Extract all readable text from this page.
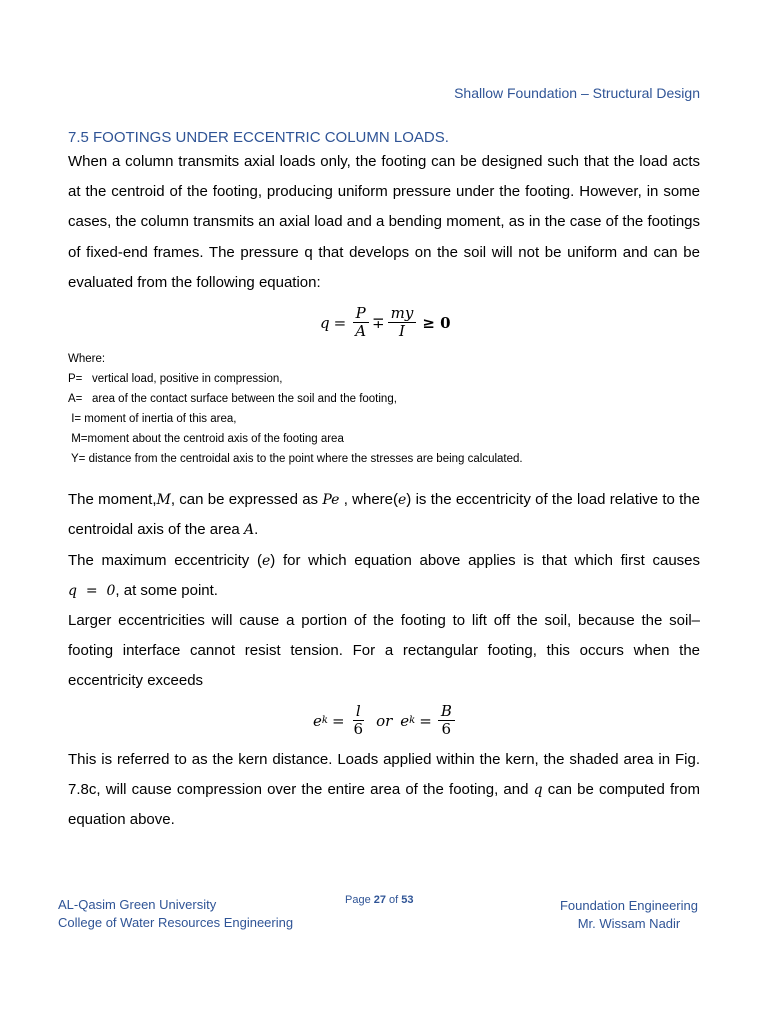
Shallow Foundation – Structural Design
7.5 FOOTINGS UNDER ECCENTRIC COLUMN LOADS.
When a column transmits axial loads only, the footing can be designed such that the load acts at the centroid of the footing, producing uniform pressure under the footing. However, in some cases, the column transmits an axial load and a bending moment, as in the case of the footings of fixed-end frames. The pressure q that develops on the soil will not be uniform and can be evaluated from the following equation:
$q = \frac{P}{A} \mp \frac{my}{I} \ge 0$
Where:
P=   vertical load, positive in compression,
A=   area of the contact surface between the soil and the footing,
I= moment of inertia of this area,
M=moment about the centroid axis of the footing area
Y= distance from the centroidal axis to the point where the stresses are being calculated.
The moment,M, can be expressed as Pe , where(e) is the eccentricity of the load relative to the centroidal axis of the area A.
The maximum eccentricity (e) for which equation above applies is that which first causes q  =  0, at some point.
Larger eccentricities will cause a portion of the footing to lift off the soil, because the soil–footing interface cannot resist tension. For a rectangular footing, this occurs when the eccentricity exceeds
e $k = \frac{l}{6}$ or e $k = \frac{B}{6}$
This is referred to as the kern distance. Loads applied within the kern, the shaded area in Fig. 7.8c, will cause compression over the entire area of the footing, and q can be computed from equation above.
AL-Qasim Green University
College of Water Resources Engineering
Page 27 of 53	Foundation Engineering
Mr. Wissam Nadir
